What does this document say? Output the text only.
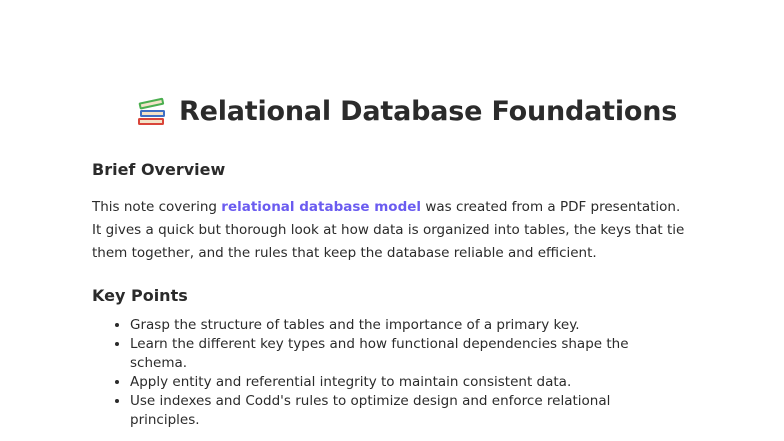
Relational Database Foundations
Brief Overview
This note covering relational database model was created from a PDF presentation. It gives a quick but thorough look at how data is organized into tables, the keys that tie them together, and the rules that keep the database reliable and efficient.
Key Points
• Grasp the structure of tables and the importance of a primary key.
• Learn the different key types and how functional dependencies shape the schema.
• Apply entity and referential integrity to maintain consistent data.
• Use indexes and Codd's rules to optimize design and enforce relational principles.
